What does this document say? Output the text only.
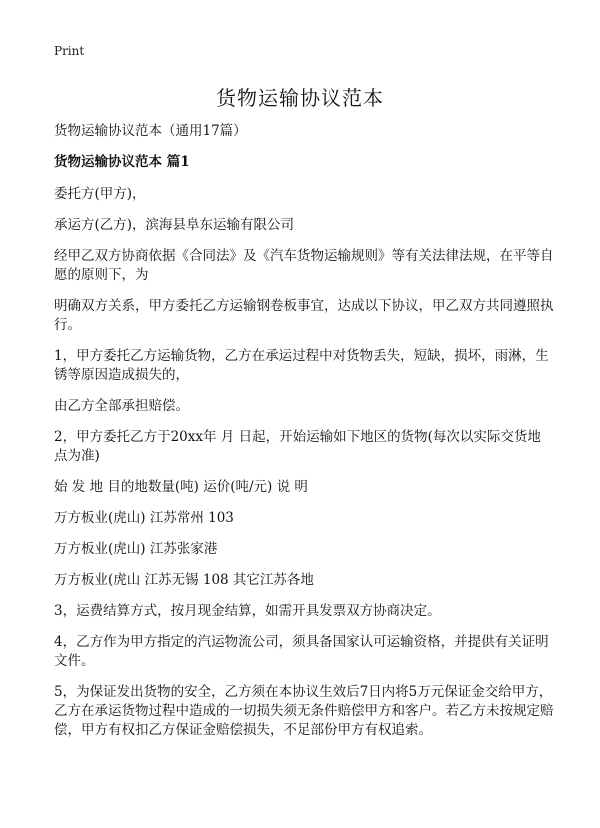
Print
货物运输协议范本

货物运输协议范本（通用17篇）

货物运输协议范本 篇1

委托方(甲方)，

承运方(乙方)，滨海县阜东运输有限公司

经甲乙双方协商依据《合同法》及《汽车货物运输规则》等有关法律法规，在平等自愿的原则下，为

明确双方关系，甲方委托乙方运输钢卷板事宜，达成以下协议，甲乙双方共同遵照执行。

1，甲方委托乙方运输货物，乙方在承运过程中对货物丢失，短缺，损坏，雨淋，生锈等原因造成损失的，

由乙方全部承担赔偿。

2，甲方委托乙方于20xx年 月 日起，开始运输如下地区的货物(每次以实际交货地点为准)

始 发 地 目的地数量(吨) 运价(吨/元) 说 明

万方板业(虎山) 江苏常州 103

万方板业(虎山) 江苏张家港

万方板业(虎山 江苏无锡 108 其它江苏各地

3，运费结算方式，按月现金结算，如需开具发票双方协商决定。

4，乙方作为甲方指定的汽运物流公司，须具备国家认可运输资格，并提供有关证明文件。

5，为保证发出货物的安全，乙方须在本协议生效后7日内将5万元保证金交给甲方，乙方在承运货物过程中造成的一切损失须无条件赔偿甲方和客户。若乙方未按规定赔偿，甲方有权扣乙方保证金赔偿损失，不足部份甲方有权追索。
